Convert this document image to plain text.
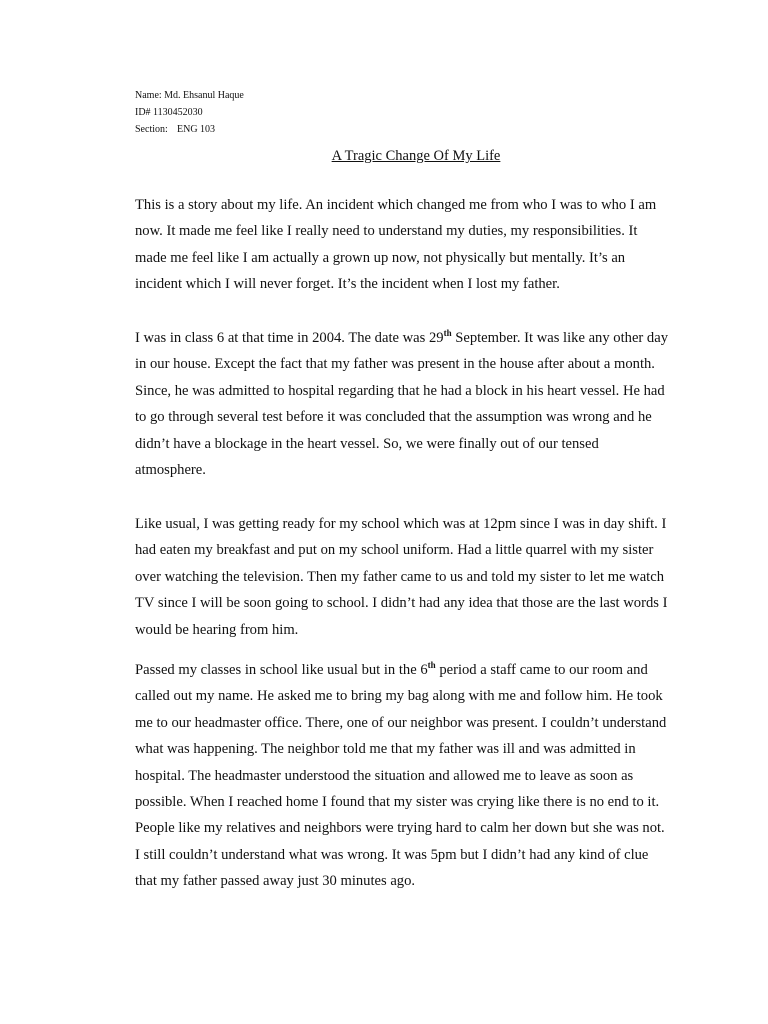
Name: Md. Ehsanul Haque
ID# 1130452030
Section: ENG 103
A Tragic Change Of My Life
This is a story about my life. An incident which changed me from who I was to who I am
now. It made me feel like I really need to understand my duties, my responsibilities. It
made me feel like I am actually a grown up now, not physically but mentally. It’s an
incident which I will never forget. It’s the incident when I lost my father.
I was in class 6 at that time in 2004. The date was 29th September. It was like any other day
in our house. Except the fact that my father was present in the house after about a month.
Since, he was admitted to hospital regarding that he had a block in his heart vessel. He had
to go through several test before it was concluded that the assumption was wrong and he
didn’t have a blockage in the heart vessel. So, we were finally out of our tensed
atmosphere.
Like usual, I was getting ready for my school which was at 12pm since I was in day shift. I
had eaten my breakfast and put on my school uniform. Had a little quarrel with my sister
over watching the television. Then my father came to us and told my sister to let me watch
TV since I will be soon going to school. I didn’t had any idea that those are the last words I
would be hearing from him.
Passed my classes in school like usual but in the 6th period a staff came to our room and
called out my name. He asked me to bring my bag along with me and follow him. He took
me to our headmaster office. There, one of our neighbor was present. I couldn’t understand
what was happening. The neighbor told me that my father was ill and was admitted in
hospital. The headmaster understood the situation and allowed me to leave as soon as
possible. When I reached home I found that my sister was crying like there is no end to it.
People like my relatives and neighbors were trying hard to calm her down but she was not.
I still couldn’t understand what was wrong. It was 5pm but I didn’t had any kind of clue
that my father passed away just 30 minutes ago.
